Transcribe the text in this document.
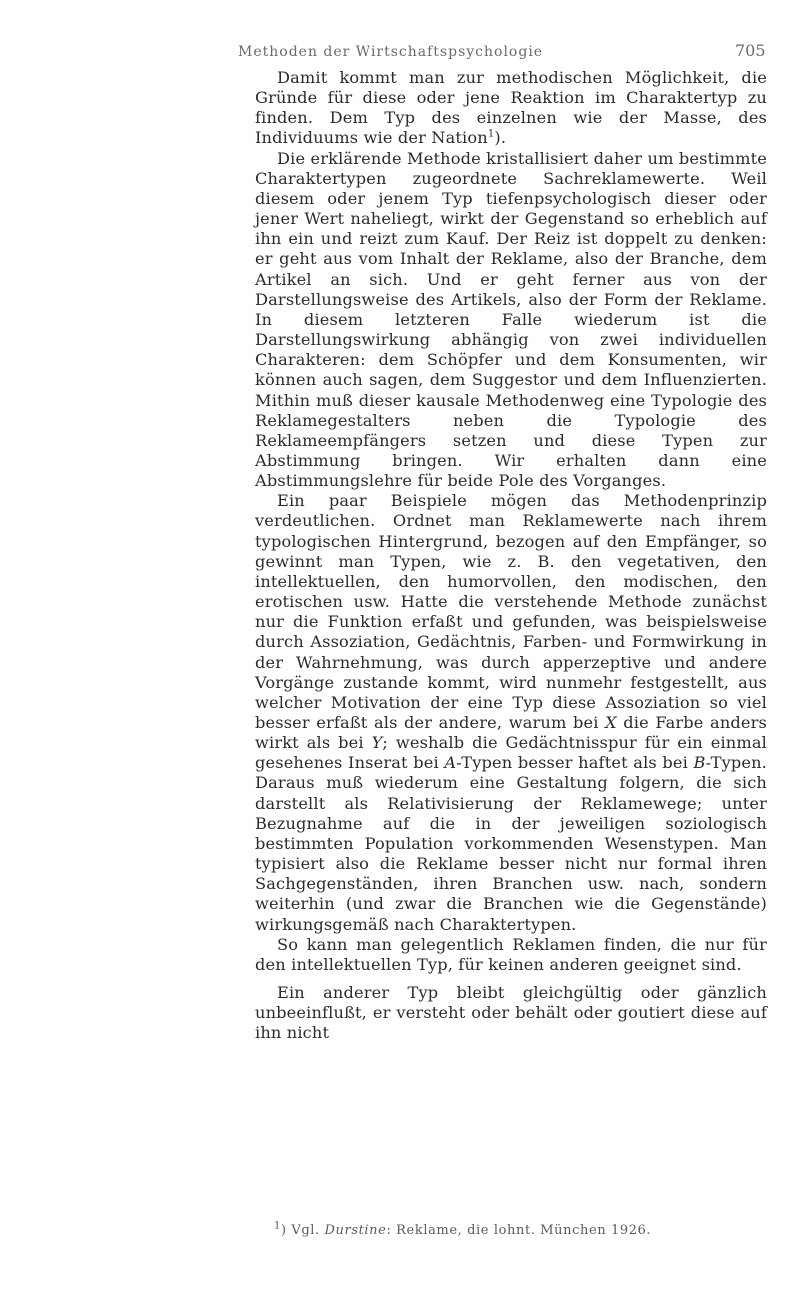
Methoden der Wirtschaftspsychologie	705

Damit kommt man zur methodischen Möglichkeit, die Gründe für diese oder jene Reaktion im Charaktertyp zu finden. Dem Typ des einzelnen wie der Masse, des Individuums wie der Nation$^1$).

Die erklärende Methode kristallisiert daher um bestimmte Charaktertypen zugeordnete Sachreklamewerte. Weil diesem oder jenem Typ tiefenpsychologisch dieser oder jener Wert naheliegt, wirkt der Gegenstand so erheblich auf ihn ein und reizt zum Kauf. Der Reiz ist doppelt zu denken: er geht aus vom Inhalt der Reklame, also der Branche, dem Artikel an sich. Und er geht ferner aus von der Darstellungsweise des Artikels, also der Form der Reklame. In diesem letzteren Falle wiederum ist die Darstellungswirkung abhängig von zwei individuellen Charakteren: dem Schöpfer und dem Konsumenten, wir können auch sagen, dem Suggestor und dem Influenzierten. Mithin muß dieser kausale Methodenweg eine Typologie des Reklamegestalters neben die Typologie des Reklameempfängers setzen und diese Typen zur Abstimmung bringen. Wir erhalten dann eine Abstimmungslehre für beide Pole des Vorganges.

Ein paar Beispiele mögen das Methodenprinzip verdeutlichen. Ordnet man Reklamewerte nach ihrem typologischen Hintergrund, bezogen auf den Empfänger, so gewinnt man Typen, wie z. B. den vegetativen, den intellektuellen, den humorvollen, den modischen, den erotischen usw. Hatte die verstehende Methode zunächst nur die Funktion erfaßt und gefunden, was beispielsweise durch Assoziation, Gedächtnis, Farben- und Formwirkung in der Wahrnehmung, was durch apperzeptive und andere Vorgänge zustande kommt, wird nunmehr festgestellt, aus welcher Motivation der eine Typ diese Assoziation so viel besser erfaßt als der andere, warum bei X die Farbe anders wirkt als bei Y; weshalb die Gedächtnisspur für ein einmal gesehenes Inserat bei A-Typen besser haftet als bei B-Typen. Daraus muß wiederum eine Gestaltung folgern, die sich darstellt als Relativisierung der Reklamewege; unter Bezugnahme auf die in der jeweiligen soziologisch bestimmten Population vorkommenden Wesenstypen. Man typisiert also die Reklame besser nicht nur formal ihren Sachgegenständen, ihren Branchen usw. nach, sondern weiterhin (und zwar die Branchen wie die Gegenstände) wirkungsgemäß nach Charaktertypen.

So kann man gelegentlich Reklamen finden, die nur für den intellektuellen Typ, für keinen anderen geeignet sind.

Ein anderer Typ bleibt gleichgültig oder gänzlich unbeeinflußt, er versteht oder behält oder goutiert diese auf ihn nicht

$^1$) Vgl. Durstine: Reklame, die lohnt. München 1926.
